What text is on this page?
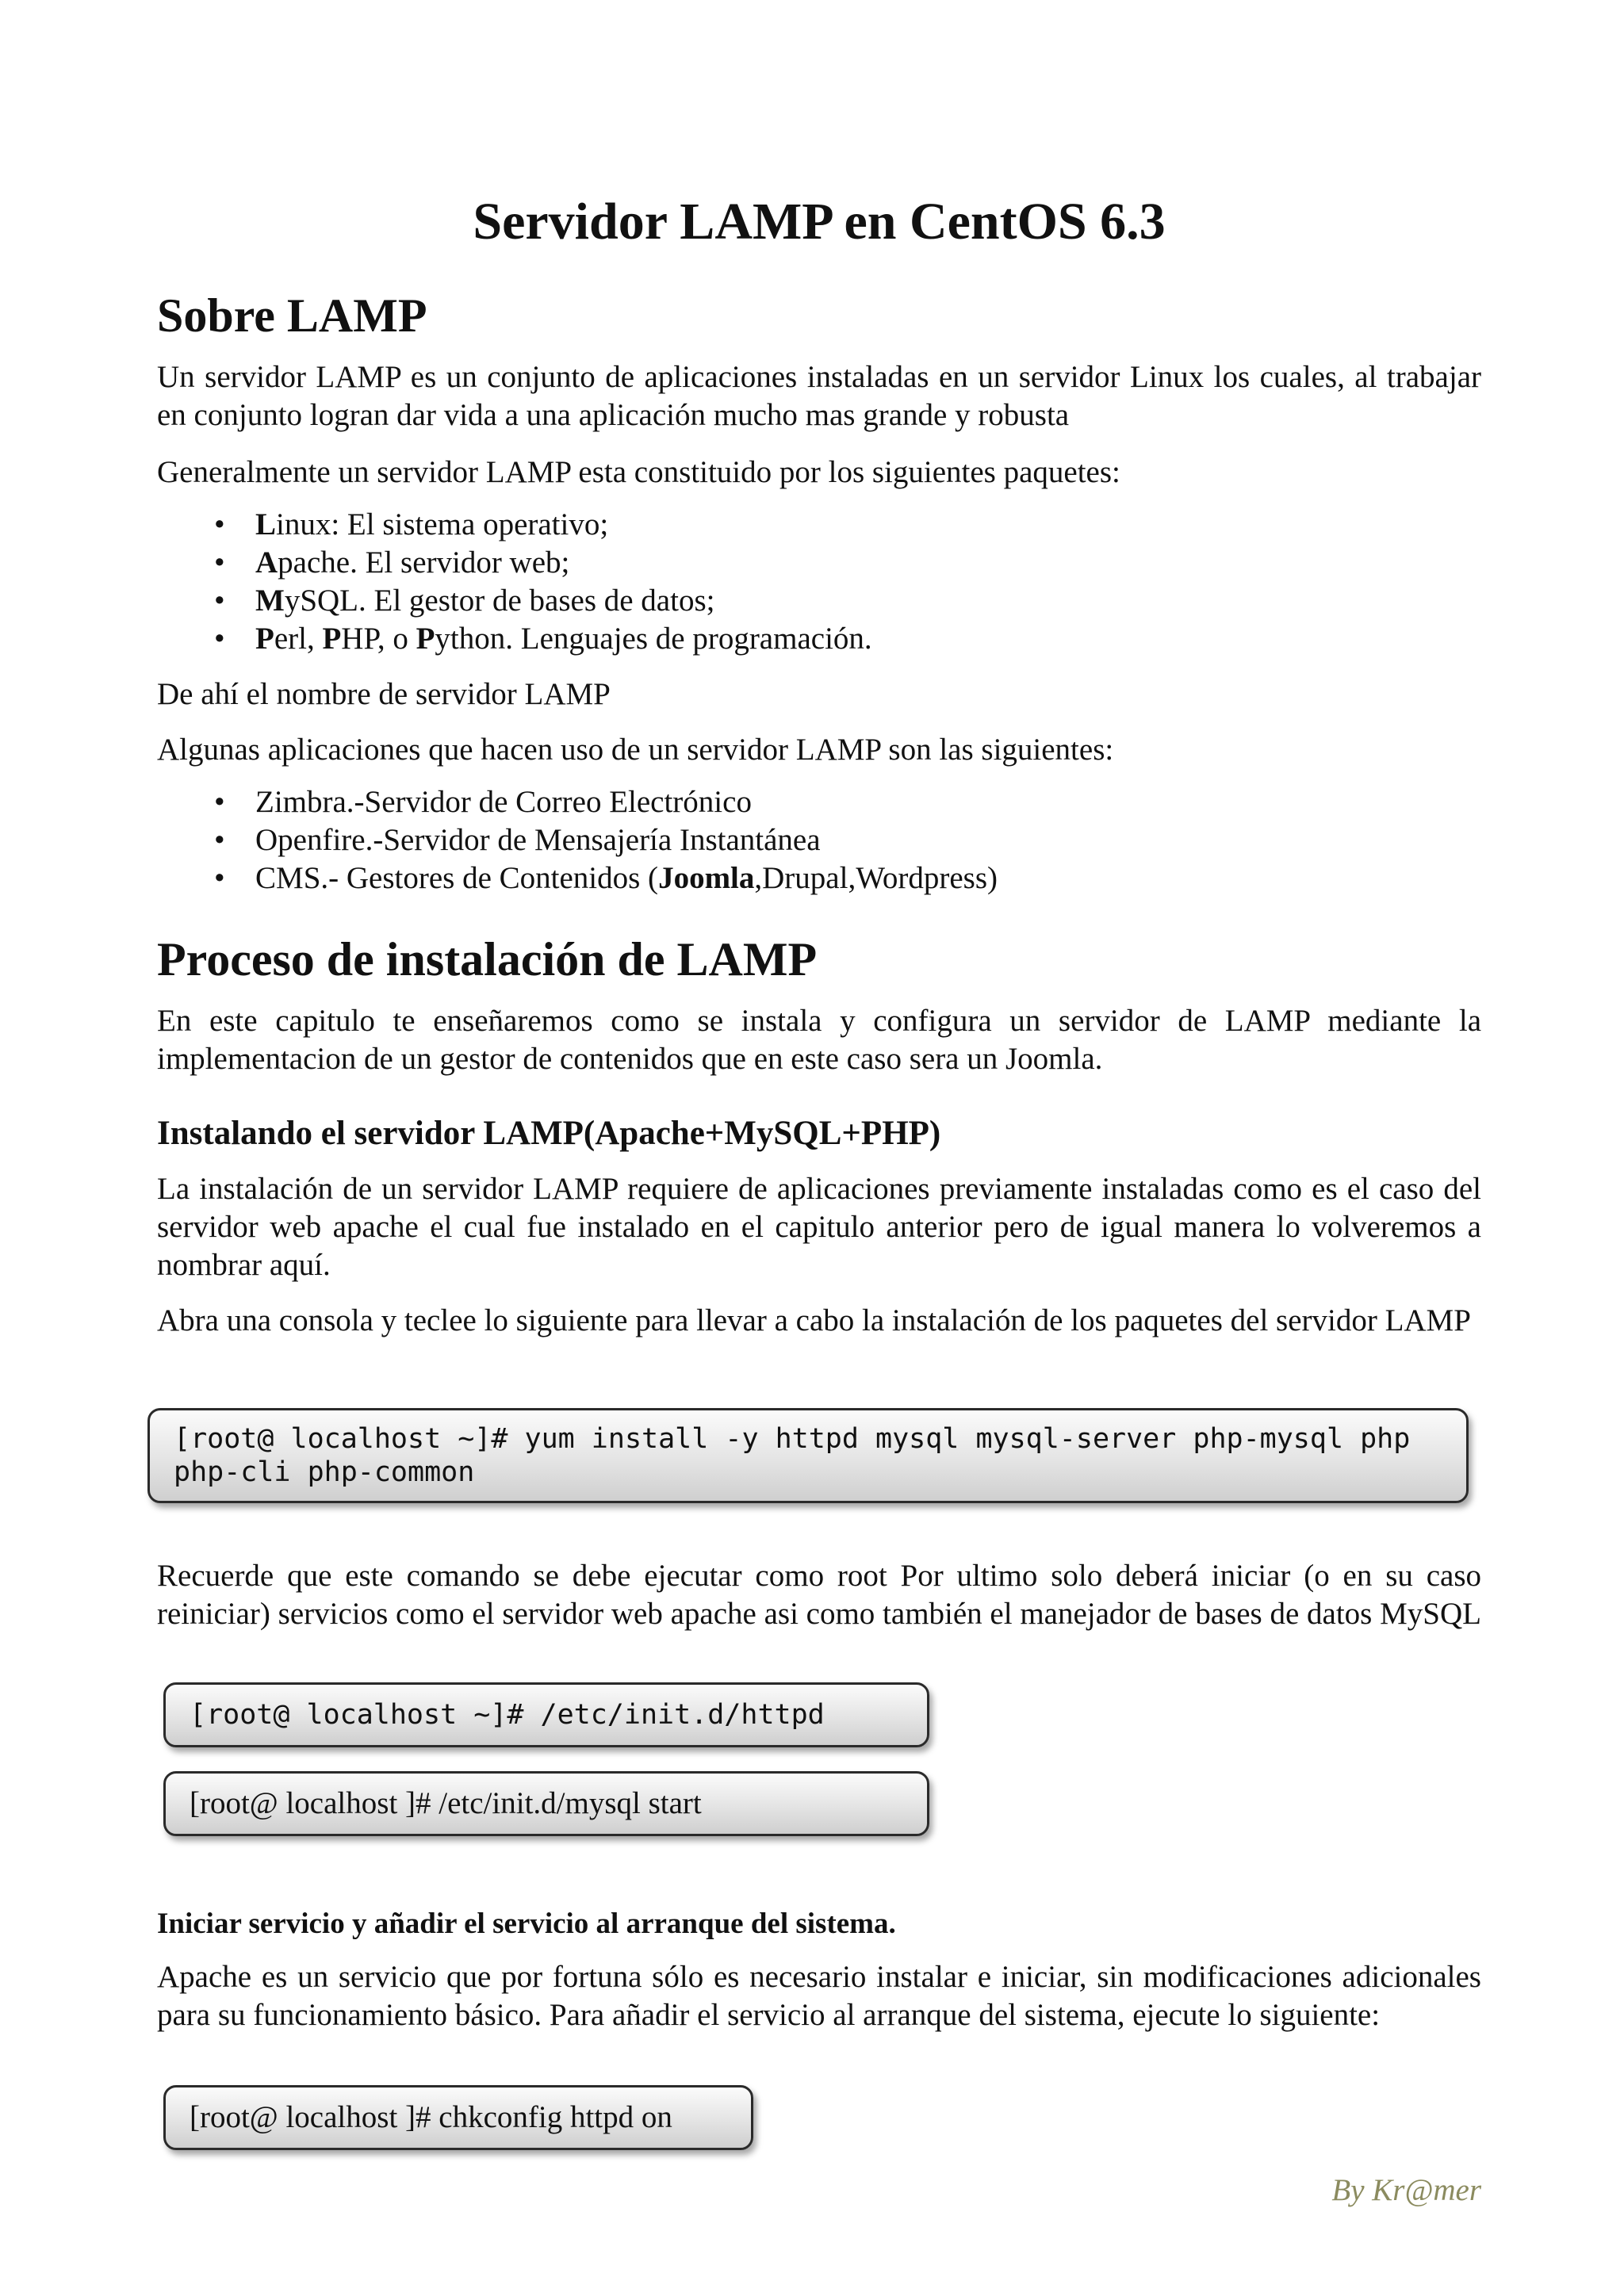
Servidor LAMP en CentOS 6.3
Sobre LAMP

Un servidor LAMP es un conjunto de aplicaciones instaladas en un servidor Linux los cuales, al trabajar en conjunto logran dar vida a una aplicación mucho mas grande y robusta

Generalmente un servidor LAMP esta constituido por los siguientes paquetes:

• Linux: El sistema operativo;
• Apache. El servidor web;
• MySQL. El gestor de bases de datos;
• Perl, PHP, o Python. Lenguajes de programación.

De ahí el nombre de servidor LAMP

Algunas aplicaciones que hacen uso de un servidor LAMP son las siguientes:

• Zimbra.-Servidor de Correo Electrónico
• Openfire.-Servidor de Mensajería Instantánea
• CMS.- Gestores de Contenidos (Joomla,Drupal,Wordpress)
Proceso de instalación de LAMP

En este capitulo te enseñaremos como se instala y configura un servidor de LAMP mediante la implementacion de un gestor de contenidos que en este caso sera un Joomla.

Instalando el servidor LAMP(Apache+MySQL+PHP)

La instalación de un servidor LAMP requiere de aplicaciones previamente instaladas como es el caso del servidor web apache el cual fue instalado en el capitulo anterior pero de igual manera lo volveremos a nombrar aquí.

Abra una consola y teclee lo siguiente para llevar a cabo la instalación de los paquetes del servidor LAMP

[root@ localhost ~]# yum install -y httpd mysql mysql-server php-mysql php php-cli php-common

Recuerde que este comando se debe ejecutar como root Por ultimo solo deberá iniciar (o en su caso reiniciar) servicios como el servidor web apache asi como también el manejador de bases de datos MySQL

[root@ localhost ~]# /etc/init.d/httpd
[root@ localhost ]# /etc/init.d/mysql start
Iniciar servicio y añadir el servicio al arranque del sistema.

Apache es un servicio que por fortuna sólo es necesario instalar e iniciar, sin modificaciones adicionales para su funcionamiento básico. Para añadir el servicio al arranque del sistema, ejecute lo siguiente:

[root@ localhost ]# chkconfig httpd on
By Kr@mer
